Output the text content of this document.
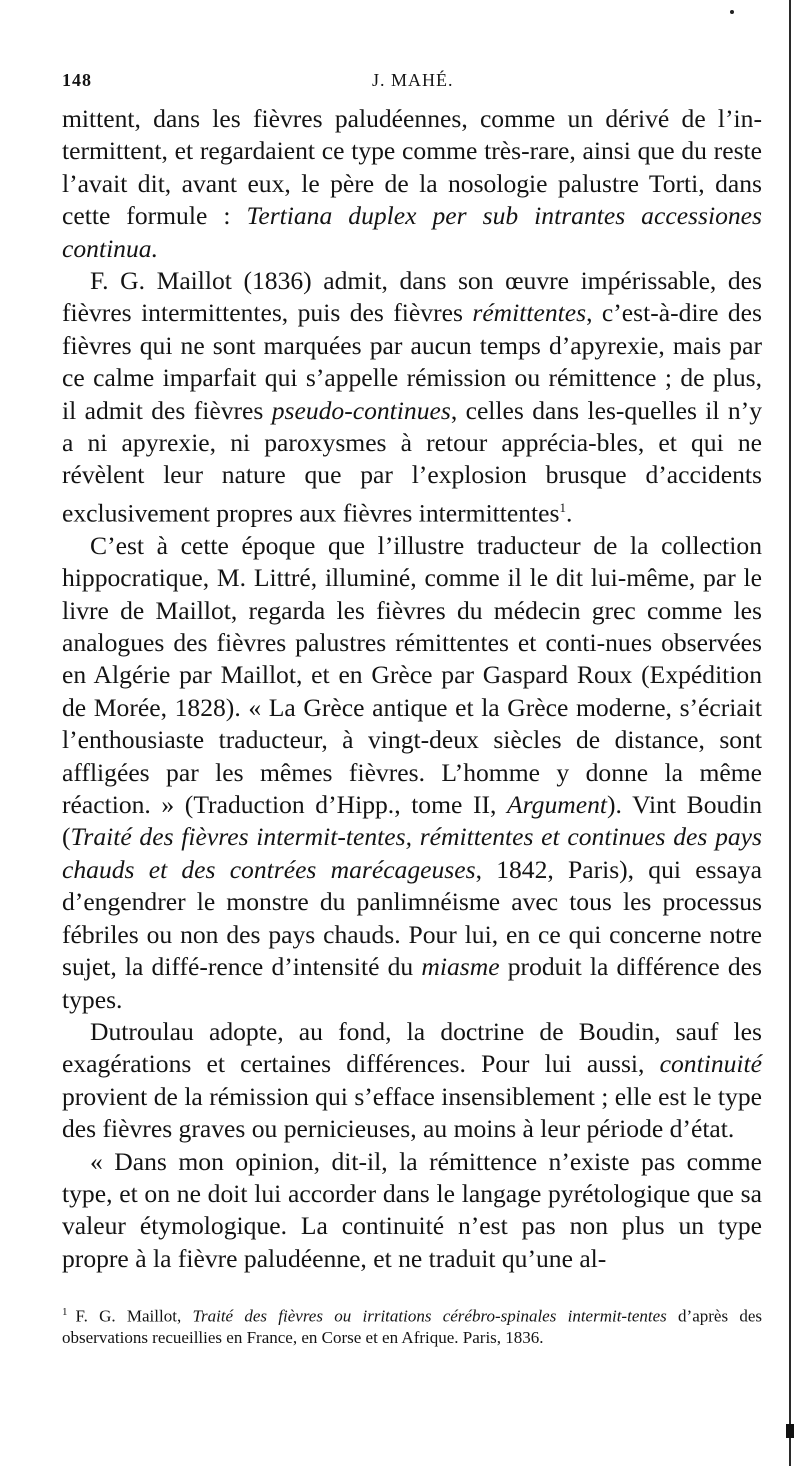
148	J. MAHÉ.

mittent, dans les fièvres paludéennes, comme un dérivé de l’in-termittent, et regardaient ce type comme très-rare, ainsi que du reste l’avait dit, avant eux, le père de la nosologie palustre Torti, dans cette formule : Tertiana duplex per sub intrantes accessiones continua.

F. G. Maillot (1836) admit, dans son œuvre impérissable, des fièvres intermittentes, puis des fièvres rémittentes, c’est-à-dire des fièvres qui ne sont marquées par aucun temps d’apyrexie, mais par ce calme imparfait qui s’appelle rémission ou rémittence ; de plus, il admit des fièvres pseudo-continues, celles dans les-quelles il n’y a ni apyrexie, ni paroxysmes à retour apprécia-bles, et qui ne révèlent leur nature que par l’explosion brusque d’accidents exclusivement propres aux fièvres intermittentes$^1$.

C’est à cette époque que l’illustre traducteur de la collection hippocratique, M. Littré, illuminé, comme il le dit lui-même, par le livre de Maillot, regarda les fièvres du médecin grec comme les analogues des fièvres palustres rémittentes et conti-nues observées en Algérie par Maillot, et en Grèce par Gaspard Roux (Expédition de Morée, 1828). « La Grèce antique et la Grèce moderne, s’écriait l’enthousiaste traducteur, à vingt-deux siècles de distance, sont affligées par les mêmes fièvres. L’homme y donne la même réaction. » (Traduction d’Hipp., tome II, Argument). Vint Boudin (Traité des fièvres intermit-tentes, rémittentes et continues des pays chauds et des contrées marécageuses, 1842, Paris), qui essaya d’engendrer le monstre du panlimnéisme avec tous les processus fébriles ou non des pays chauds. Pour lui, en ce qui concerne notre sujet, la diffé-rence d’intensité du miasme produit la différence des types.

Dutroulau adopte, au fond, la doctrine de Boudin, sauf les exagérations et certaines différences. Pour lui aussi, continuité provient de la rémission qui s’efface insensiblement ; elle est le type des fièvres graves ou pernicieuses, au moins à leur période d’état.

« Dans mon opinion, dit-il, la rémittence n’existe pas comme type, et on ne doit lui accorder dans le langage pyrétologique que sa valeur étymologique. La continuité n’est pas non plus un type propre à la fièvre paludéenne, et ne traduit qu’une al-

$^1$ F. G. Maillot, Traité des fièvres ou irritations cérébro-spinales intermit-tentes d’après des observations recueillies en France, en Corse et en Afrique. Paris, 1836.
